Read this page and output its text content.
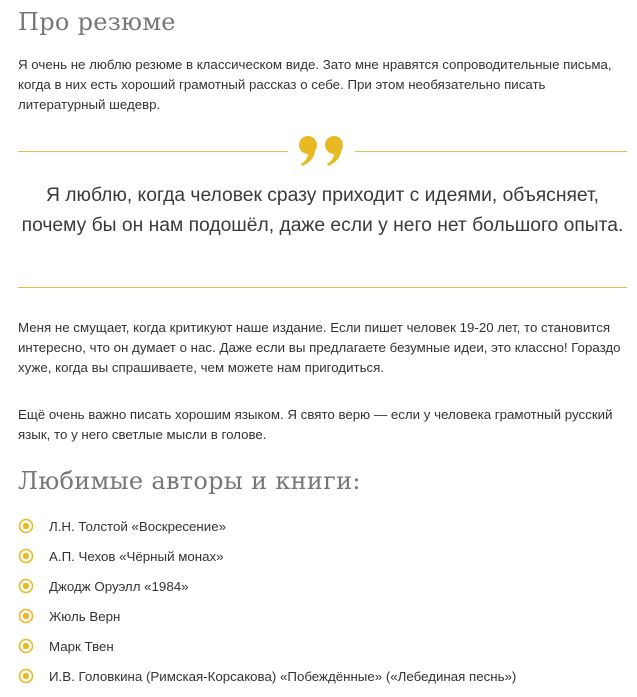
Про резюме

Я очень не люблю резюме в классическом виде. Зато мне нравятся сопроводительные письма, когда в них есть хороший грамотный рассказ о себе. При этом необязательно писать литературный шедевр.

Я люблю, когда человек сразу приходит с идеями, объясняет, почему бы он нам подошёл, даже если у него нет большого опыта.

Меня не смущает, когда критикуют наше издание. Если пишет человек 19-20 лет, то становится интересно, что он думает о нас. Даже если вы предлагаете безумные идеи, это классно! Гораздо хуже, когда вы спрашиваете, чем можете нам пригодиться.

Ещё очень важно писать хорошим языком. Я свято верю — если у человека грамотный русский язык, то у него светлые мысли в голове.

Любимые авторы и книги:
Л.Н. Толстой «Воскресение»
А.П. Чехов «Чёрный монах»
Джодж Оруэлл «1984»
Жюль Верн
Марк Твен
И.В. Головкина (Римская-Корсакова) «Побеждённые» («Лебединая песнь»)
